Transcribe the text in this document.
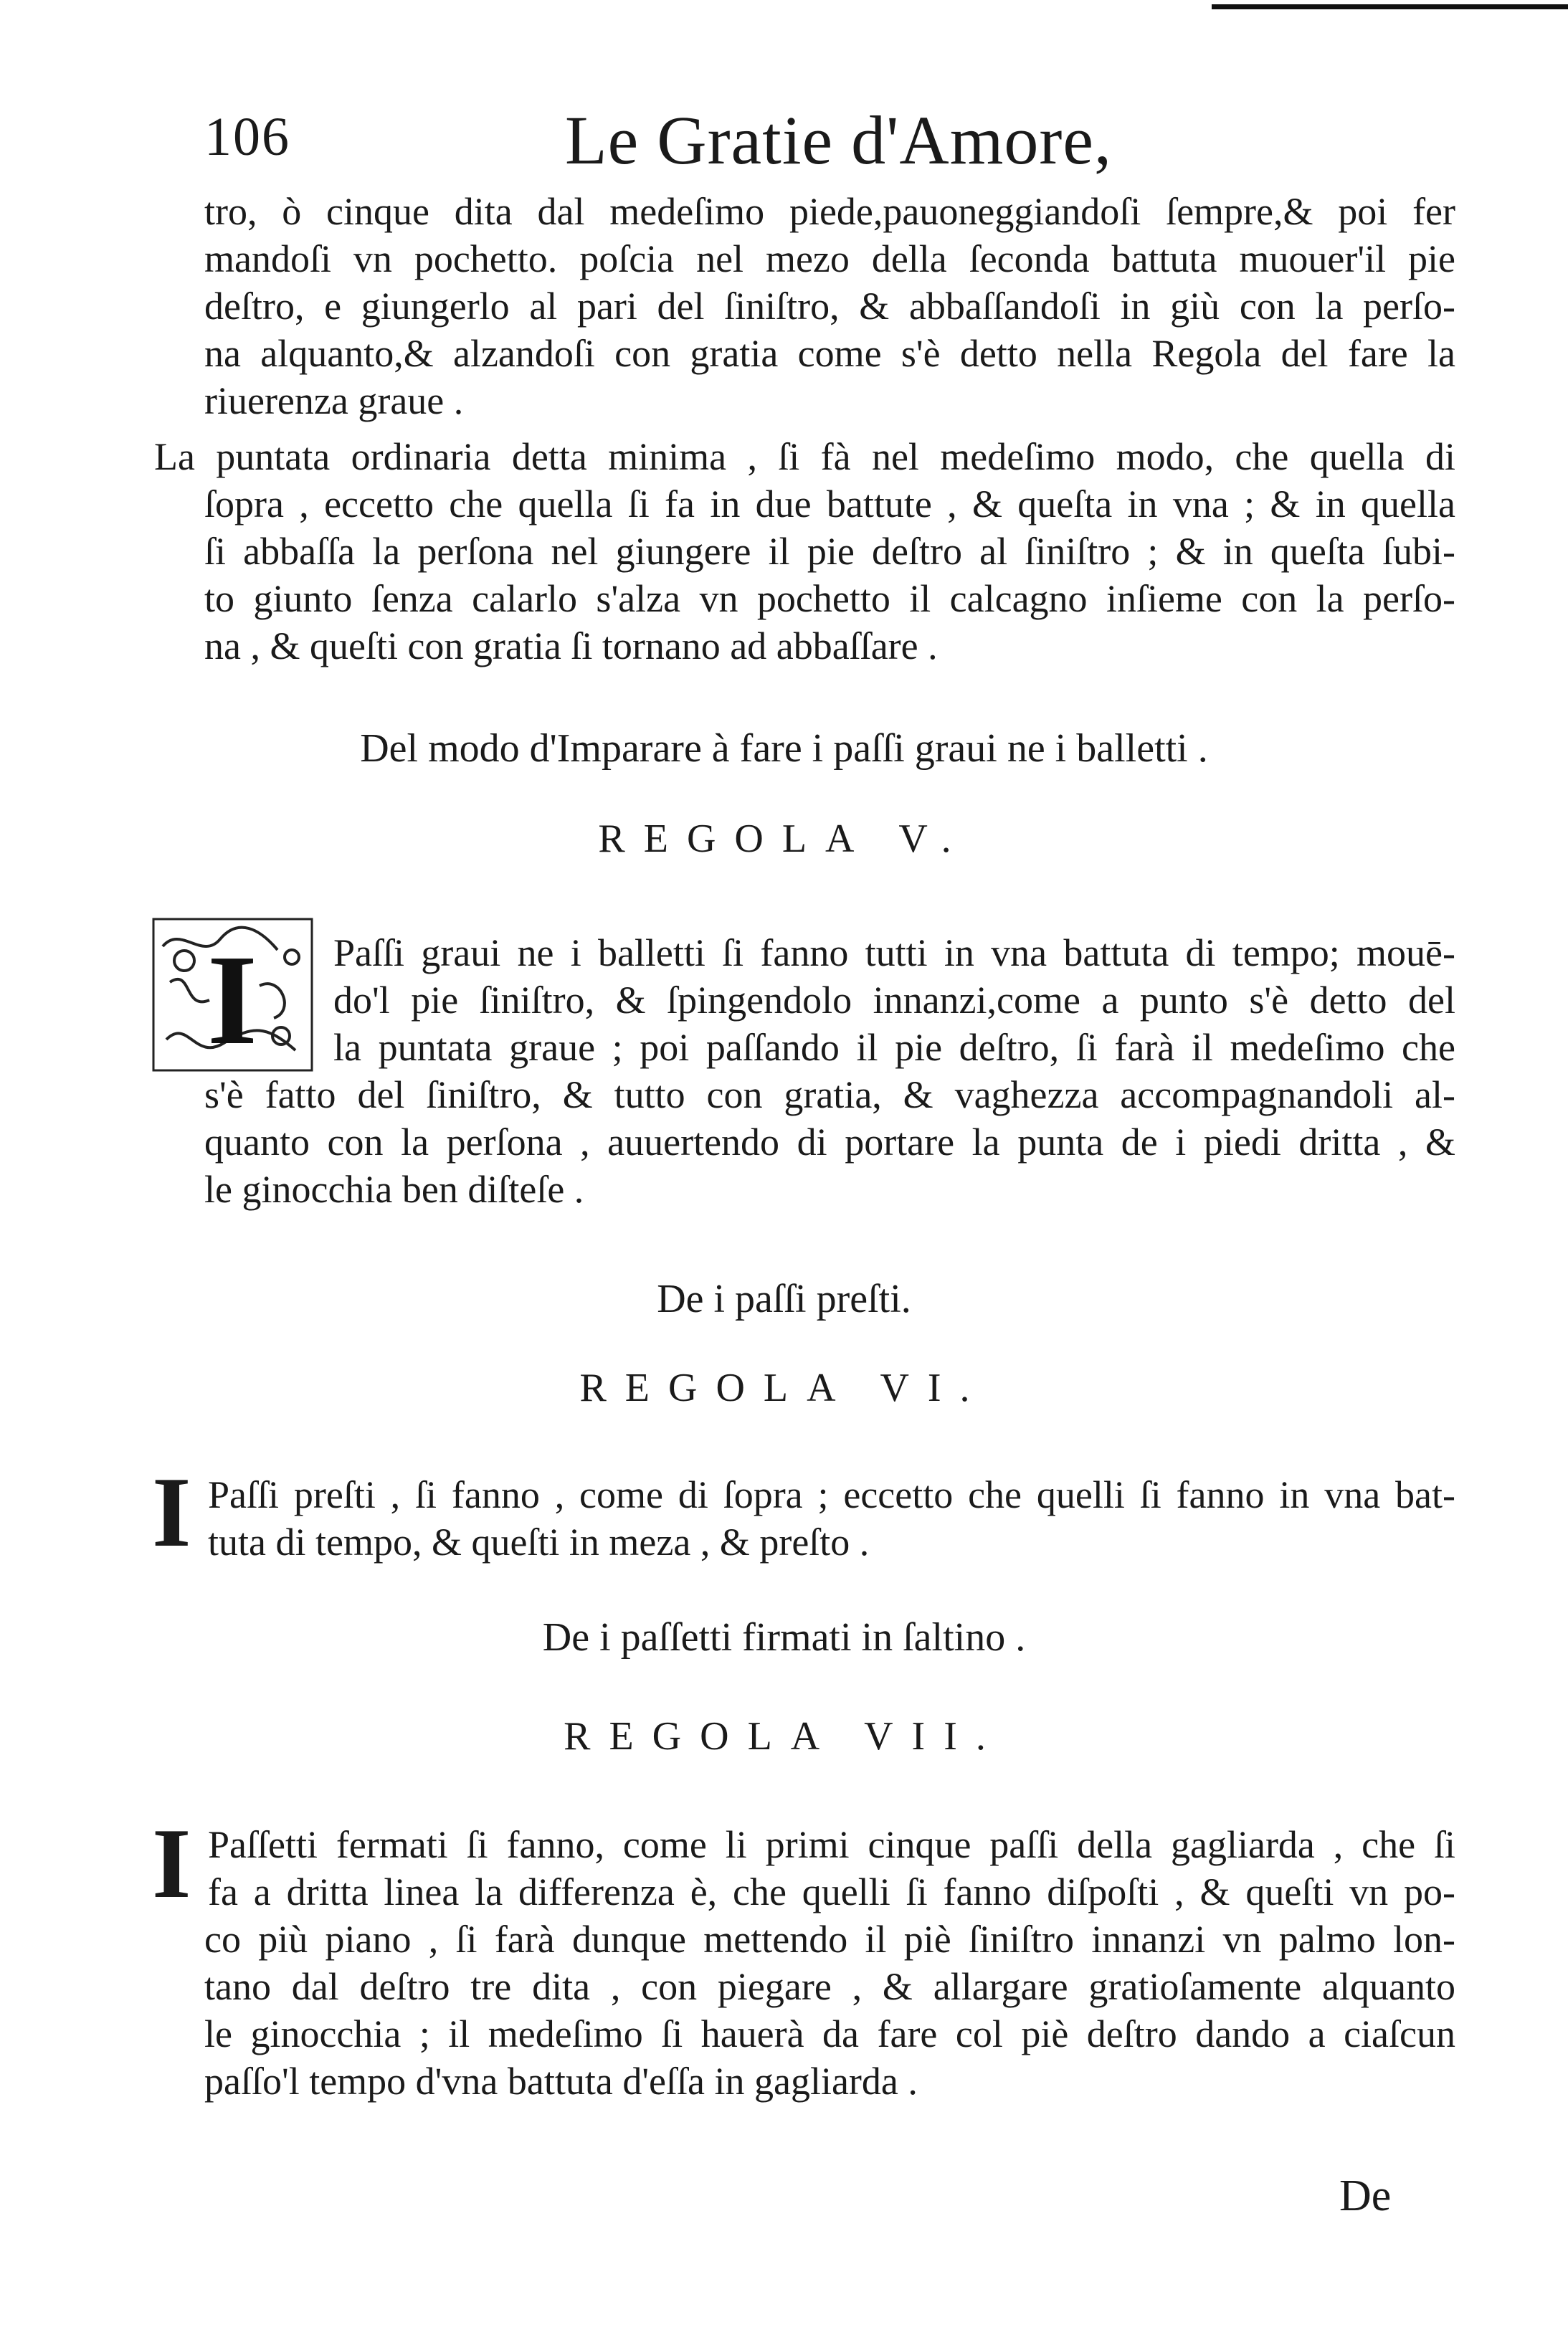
106	Le Gratie d'Amore,
tro, ò cinque dita dal medeſimo piede,pauoneggiandoſi ſempre,& poi fer
mandoſi vn pochetto. poſcia nel mezo della ſeconda battuta muouer'il pie
deſtro, e giungerlo al pari del ſiniſtro, & abbaſſandoſi in giù con la perſo-
na alquanto,& alzandoſi con gratia come s'è detto nella Regola del fare la
riuerenza graue .
La puntata ordinaria detta minima , ſi fà nel medeſimo modo, che quella di
ſopra , eccetto che quella ſi fa in due battute , & queſta in vna ; & in quella
ſi abbaſſa la perſona nel giungere il pie deſtro al ſiniſtro ; & in queſta ſubi-
to giunto ſenza calarlo s'alza vn pochetto il calcagno inſieme con la perſo-
na , & queſti con gratia ſi tornano ad abbaſſare .
Del modo d'Imparare à fare i paſſi graui ne i balletti .
REGOLA V.
I Paſſi graui ne i balletti ſi fanno tutti in vna battuta di tempo; mouē-
do'l pie ſiniſtro, & ſpingendolo innanzi,come a punto s'è detto del
la puntata graue ; poi paſſando il pie deſtro, ſi farà il medeſimo che
s'è fatto del ſiniſtro, & tutto con gratia, & vaghezza accompagnandoli al-
quanto con la perſona , auuertendo di portare la punta de i piedi dritta , &
le ginocchia ben diſteſe .
De i paſſi preſti.
REGOLA VI.
I Paſſi preſti , ſi fanno , come di ſopra ; eccetto che quelli ſi fanno in vna bat-
tuta di tempo, & queſti in meza , & preſto .
De i paſſetti firmati in ſaltino .
REGOLA VII.
I Paſſetti fermati ſi fanno, come li primi cinque paſſi della gagliarda , che ſi
fa a dritta linea la differenza è, che quelli ſi fanno diſpoſti , & queſti vn po-
co più piano , ſi farà dunque mettendo il piè ſiniſtro innanzi vn palmo lon-
tano dal deſtro tre dita , con piegare , & allargare gratioſamente alquanto
le ginocchia ; il medeſimo ſi hauerà da fare col piè deſtro dando a ciaſcun
paſſo'l tempo d'vna battuta d'eſſa in gagliarda .
De
